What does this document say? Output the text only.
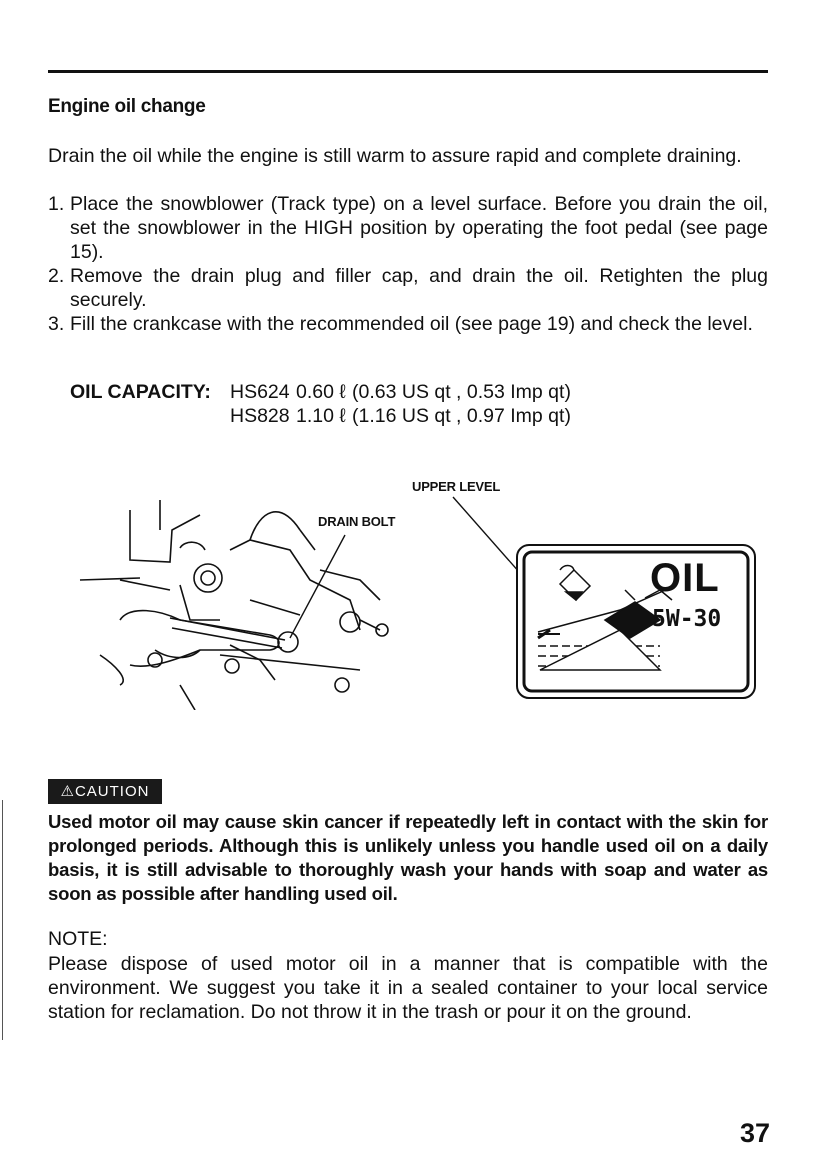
Engine oil change
Drain the oil while the engine is still warm to assure rapid and complete draining.
1. Place the snowblower (Track type) on a level surface. Before you drain the oil, set the snowblower in the HIGH position by operating the foot pedal (see page 15).
2. Remove the drain plug and filler cap, and drain the oil. Retighten the plug securely.
3. Fill the crankcase with the recommended oil (see page 19) and check the level.
OIL CAPACITY: HS624 0.60 ℓ (0.63 US qt , 0.53 Imp qt)
HS828 1.10 ℓ (1.16 US qt , 0.97 Imp qt)
DRAIN BOLT
UPPER LEVEL
OIL
5W-30
⚠CAUTION
Used motor oil may cause skin cancer if repeatedly left in contact with the skin for prolonged periods. Although this is unlikely unless you handle used oil on a daily basis, it is still advisable to thoroughly wash your hands with soap and water as soon as possible after handling used oil.
NOTE:
Please dispose of used motor oil in a manner that is compatible with the environment. We suggest you take it in a sealed container to your local service station for reclamation. Do not throw it in the trash or pour it on the ground.
37
